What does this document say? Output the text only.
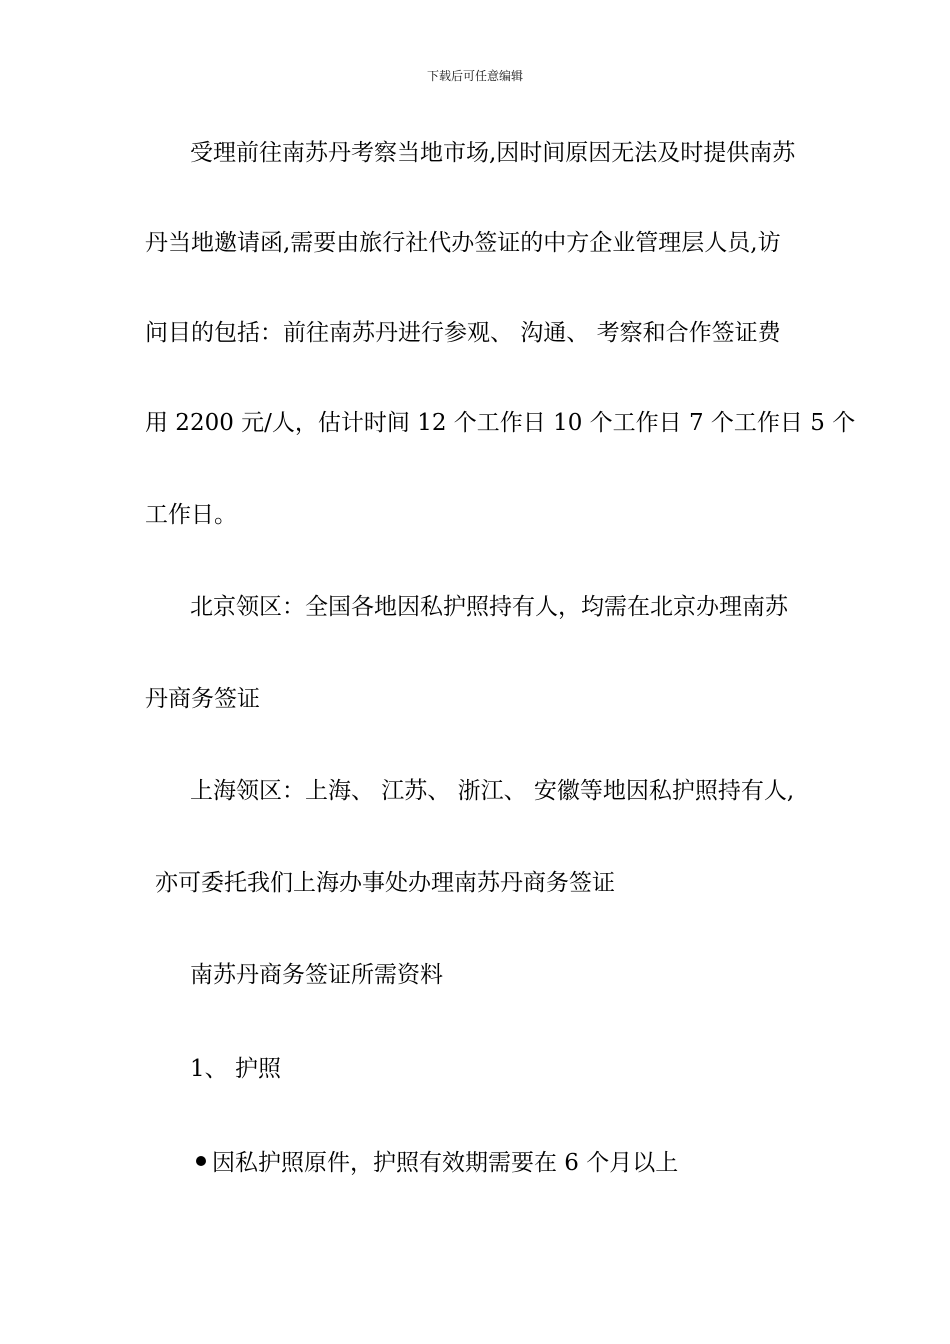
下载后可任意编辑
受理前往南苏丹考察当地市场,因时间原因无法及时提供南苏
丹当地邀请函,需要由旅行社代办签证的中方企业管理层人员,访
问目的包括：前往南苏丹进行参观、 沟通、 考察和合作签证费
用 2200 元/人，估计时间 12 个工作日 10 个工作日 7 个工作日 5 个
工作日。
北京领区：全国各地因私护照持有人，均需在北京办理南苏
丹商务签证
上海领区：上海、 江苏、 浙江、 安徽等地因私护照持有人,
亦可委托我们上海办事处办理南苏丹商务签证
南苏丹商务签证所需资料
1、 护照
因私护照原件，护照有效期需要在 6 个月以上
